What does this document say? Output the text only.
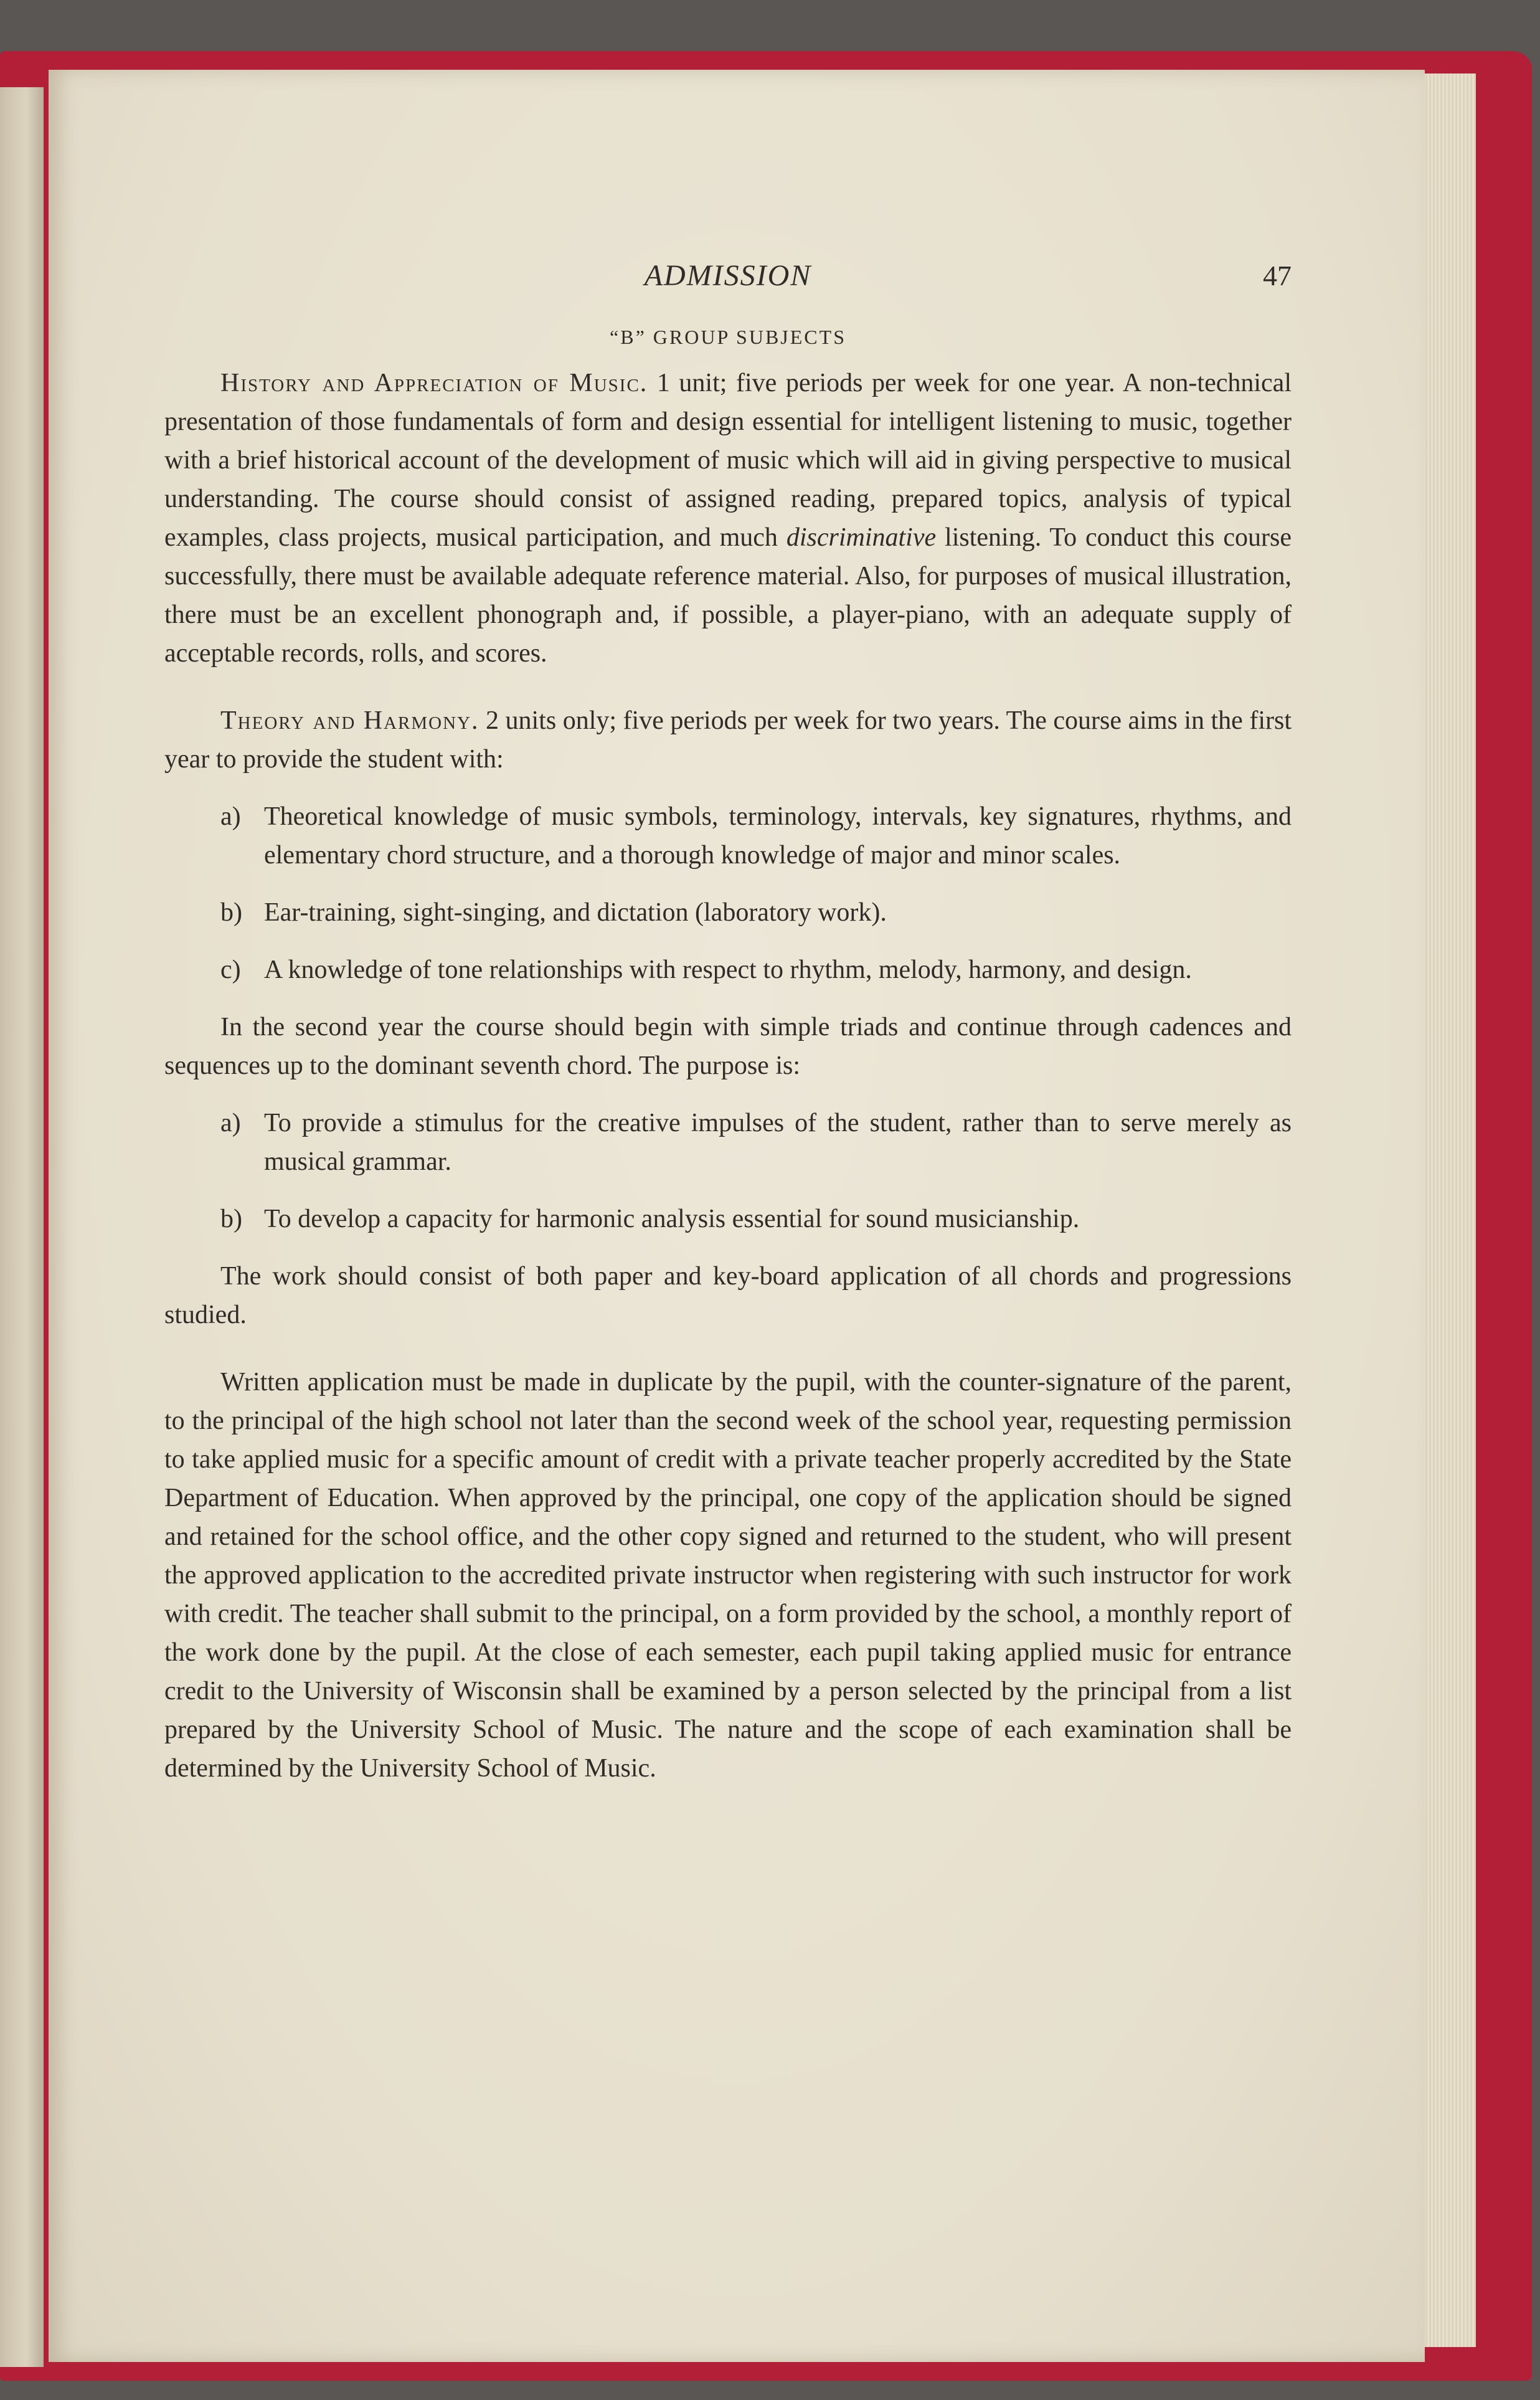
ADMISSION	47
“B” GROUP SUBJECTS

History and Appreciation of Music. 1 unit; five periods per week for one year. A non-technical presentation of those fundamentals of form and design essential for intelligent listening to music, together with a brief historical account of the development of music which will aid in giving perspective to musical understanding. The course should consist of assigned reading, prepared topics, analysis of typical examples, class projects, musical participation, and much discriminative listening. To conduct this course successfully, there must be available adequate reference material. Also, for purposes of musical illustration, there must be an excellent phonograph and, if possible, a player-piano, with an adequate supply of acceptable records, rolls, and scores.

Theory and Harmony. 2 units only; five periods per week for two years. The course aims in the first year to provide the student with:

a) Theoretical knowledge of music symbols, terminology, intervals, key signatures, rhythms, and elementary chord structure, and a thorough knowledge of major and minor scales.
b) Ear-training, sight-singing, and dictation (laboratory work).
c) A knowledge of tone relationships with respect to rhythm, melody, harmony, and design.

In the second year the course should begin with simple triads and continue through cadences and sequences up to the dominant seventh chord. The purpose is:

a) To provide a stimulus for the creative impulses of the student, rather than to serve merely as musical grammar.
b) To develop a capacity for harmonic analysis essential for sound musicianship.

The work should consist of both paper and key-board application of all chords and progressions studied.

Written application must be made in duplicate by the pupil, with the counter-signature of the parent, to the principal of the high school not later than the second week of the school year, requesting permission to take applied music for a specific amount of credit with a private teacher properly accredited by the State Department of Education. When approved by the principal, one copy of the application should be signed and retained for the school office, and the other copy signed and returned to the student, who will present the approved application to the accredited private instructor when registering with such instructor for work with credit. The teacher shall submit to the principal, on a form provided by the school, a monthly report of the work done by the pupil. At the close of each semester, each pupil taking applied music for entrance credit to the University of Wisconsin shall be examined by a person selected by the principal from a list prepared by the University School of Music. The nature and the scope of each examination shall be determined by the University School of Music.
